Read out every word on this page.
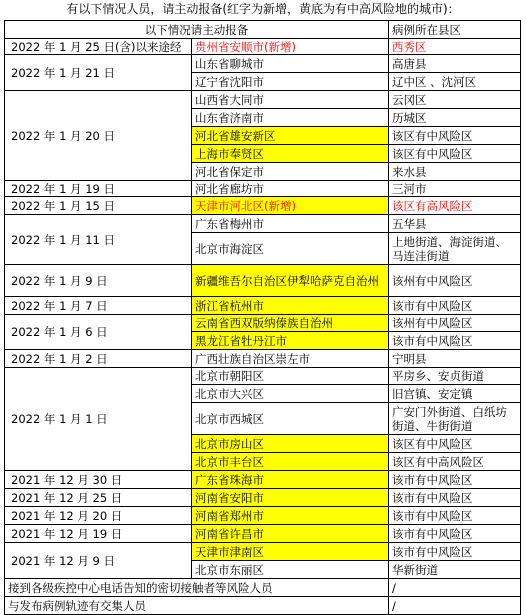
有以下情况人员，请主动报备(红字为新增，黄底为有中高风险地的城市)：
以下情况请主动报备		病例所在县区
2022 年 1 月 25 日(含)以来途经	贵州省安顺市(新增)	西秀区
2022 年 1 月 21 日	山东省聊城市	高唐县
	辽宁省沈阳市	辽中区 、沈河区
2022 年 1 月 20 日	山西省大同市	云冈区
	山东省济南市	历城区
	河北省雄安新区	该区有中风险区
	上海市奉贤区	该区有中风险区
	河北省保定市	来水县
2022 年 1 月 19 日	河北省廊坊市	三河市
2022 年 1 月 15 日	天津市河北区(新增)	该区有高风险区
2022 年 1 月 11 日	广东省梅州市	五华县
	北京市海淀区	上地街道、海淀街道、马连洼街道
2022 年 1 月 9 日	新疆维吾尔自治区伊犁哈萨克自治州	该州有中风险区
2022 年 1 月 7 日	浙江省杭州市	该市有中风险区
2022 年 1 月 6 日	云南省西双版纳傣族自治州	该州有中风险区
	黑龙江省牡丹江市	该市有中风险区
2022 年 1 月 2 日	广西壮族自治区崇左市	宁明县
2022 年 1 月 1 日	北京市朝阳区	平房乡、安贞街道
	北京市大兴区	旧宫镇、安定镇
	北京市西城区	广安门外街道、白纸坊街道、牛街街道
	北京市房山区	该区有中风险区
	北京市丰台区	该区有中高风险区
2021 年 12 月 30 日	广东省珠海市	该市有中风险区
2021 年 12 月 25 日	河南省安阳市	该市有中风险区
2021 年 12 月 20 日	河南省郑州市	该市有中风险区
2021 年 12 月 19 日	河南省许昌市	该市有中风险区
2021 年 12 月 9 日	天津市津南区	该市有中风险区
	北京市东丽区	华新街道
接到各级疾控中心电话告知的密切接触者等风险人员		/
与发布病例轨迹有交集人员		/
